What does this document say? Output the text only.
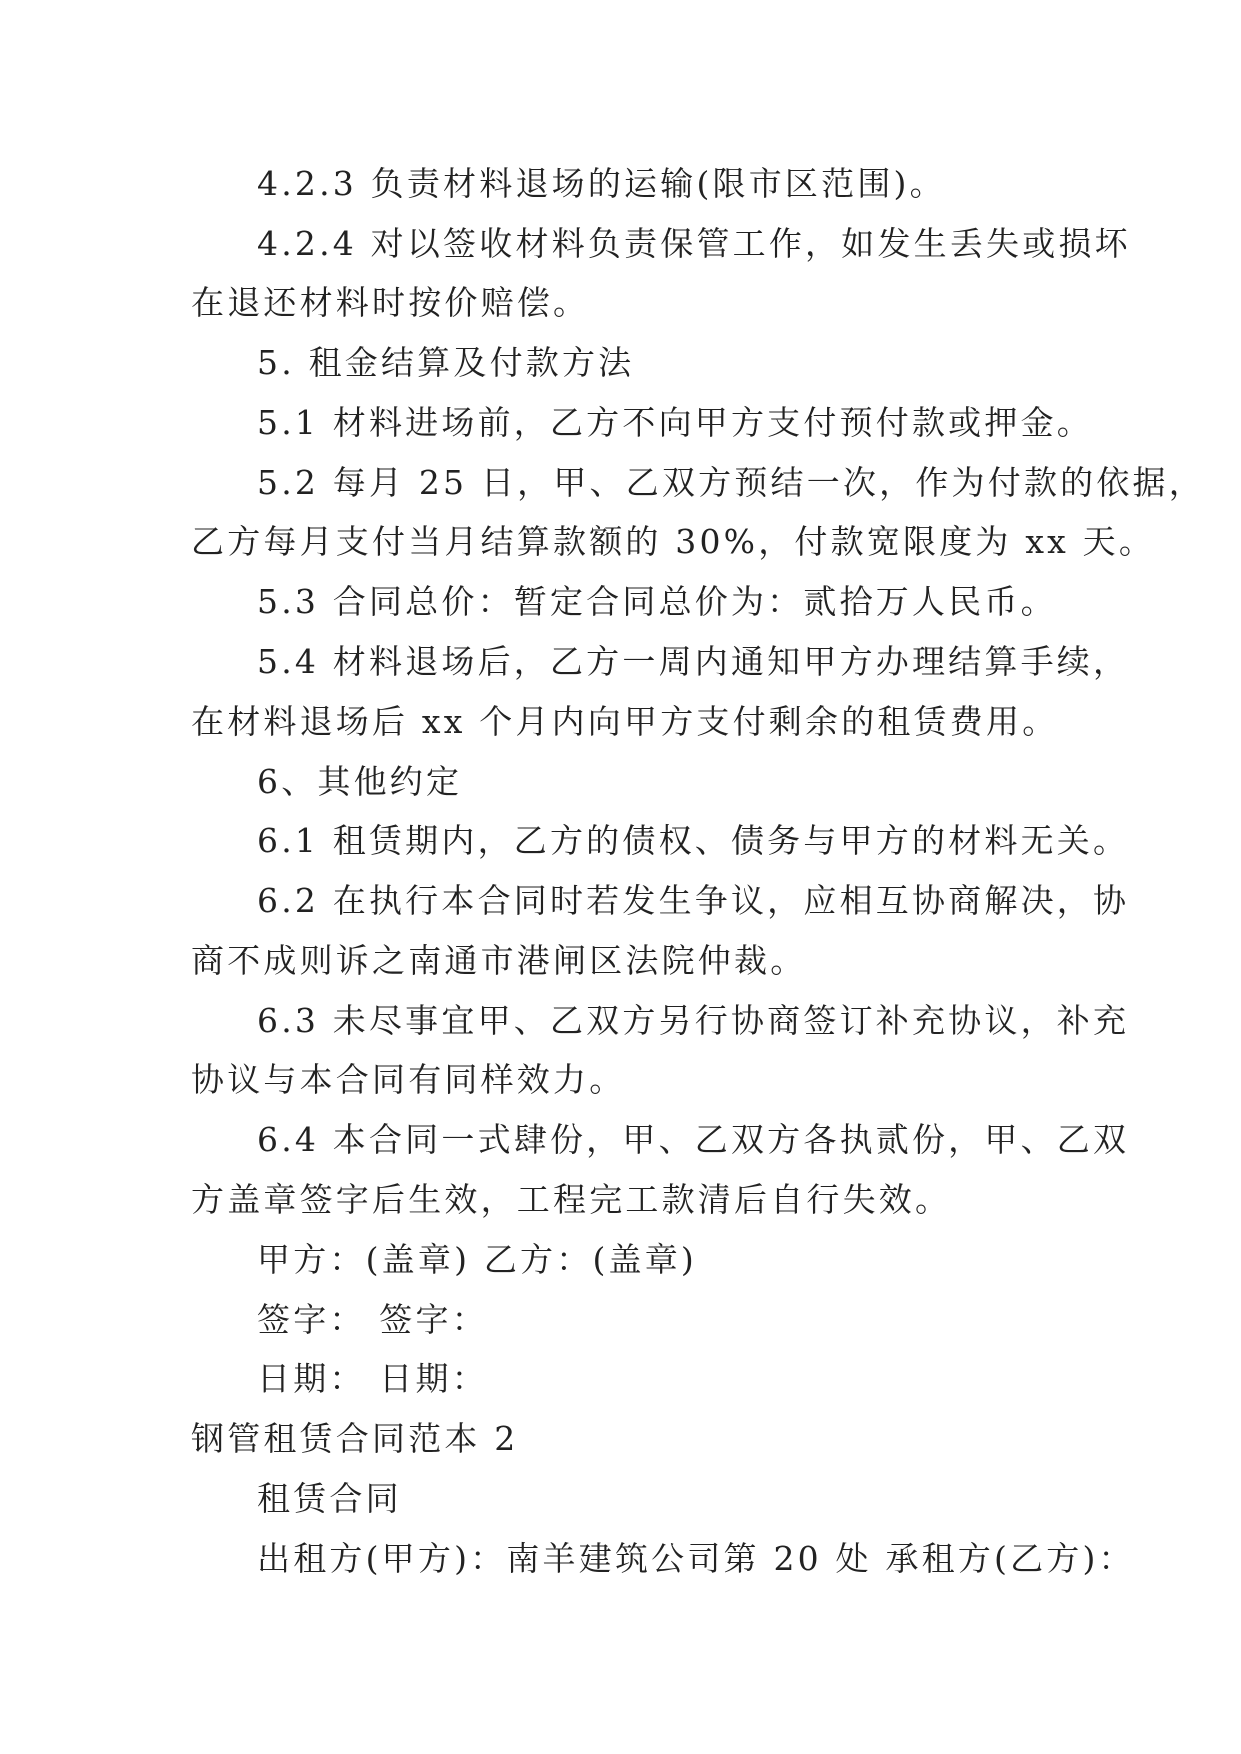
4.2.3 负责材料退场的运输(限市区范围)。
4.2.4 对以签收材料负责保管工作，如发生丢失或损坏
在退还材料时按价赔偿。
5. 租金结算及付款方法
5.1 材料进场前，乙方不向甲方支付预付款或押金。
5.2 每月 25 日，甲、乙双方预结一次，作为付款的依据，
乙方每月支付当月结算款额的 30%，付款宽限度为 xx 天。
5.3 合同总价：暂定合同总价为：贰拾万人民币。
5.4 材料退场后，乙方一周内通知甲方办理结算手续，
在材料退场后 xx 个月内向甲方支付剩余的租赁费用。
6、其他约定
6.1 租赁期内，乙方的债权、债务与甲方的材料无关。
6.2 在执行本合同时若发生争议，应相互协商解决，协
商不成则诉之南通市港闸区法院仲裁。
6.3 未尽事宜甲、乙双方另行协商签订补充协议，补充
协议与本合同有同样效力。
6.4 本合同一式肆份，甲、乙双方各执贰份，甲、乙双
方盖章签字后生效，工程完工款清后自行失效。
甲方：(盖章) 乙方：(盖章)
签字： 签字：
日期： 日期：
钢管租赁合同范本 2
租赁合同
出租方(甲方)：南羊建筑公司第 20 处 承租方(乙方)：
